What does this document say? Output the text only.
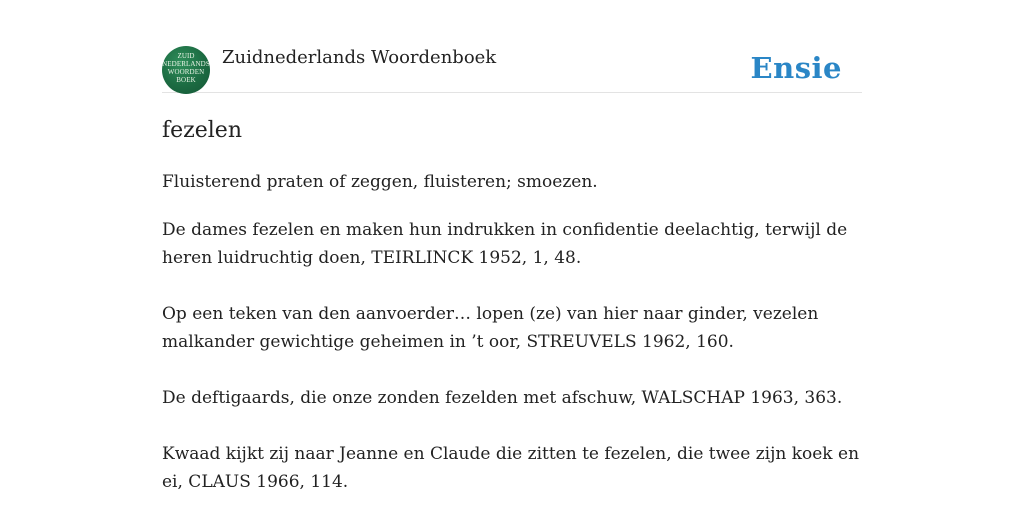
ZUID
NEDERLANDS
WOORDEN
BOEK
Zuidnederlands Woordenboek	Ensie
fezelen

Fluisterend praten of zeggen, fluisteren; smoezen.

De dames fezelen en maken hun indrukken in confidentie deelachtig, terwijl de heren luidruchtig doen, TEIRLINCK 1952, 1, 48.

Op een teken van den aanvoerder… lopen (ze) van hier naar ginder, vezelen malkander gewichtige geheimen in ’t oor, STREUVELS 1962, 160.

De deftigaards, die onze zonden fezelden met afschuw, WALSCHAP 1963, 363.

Kwaad kijkt zij naar Jeanne en Claude die zitten te fezelen, die twee zijn koek en ei, CLAUS 1966, 114.
